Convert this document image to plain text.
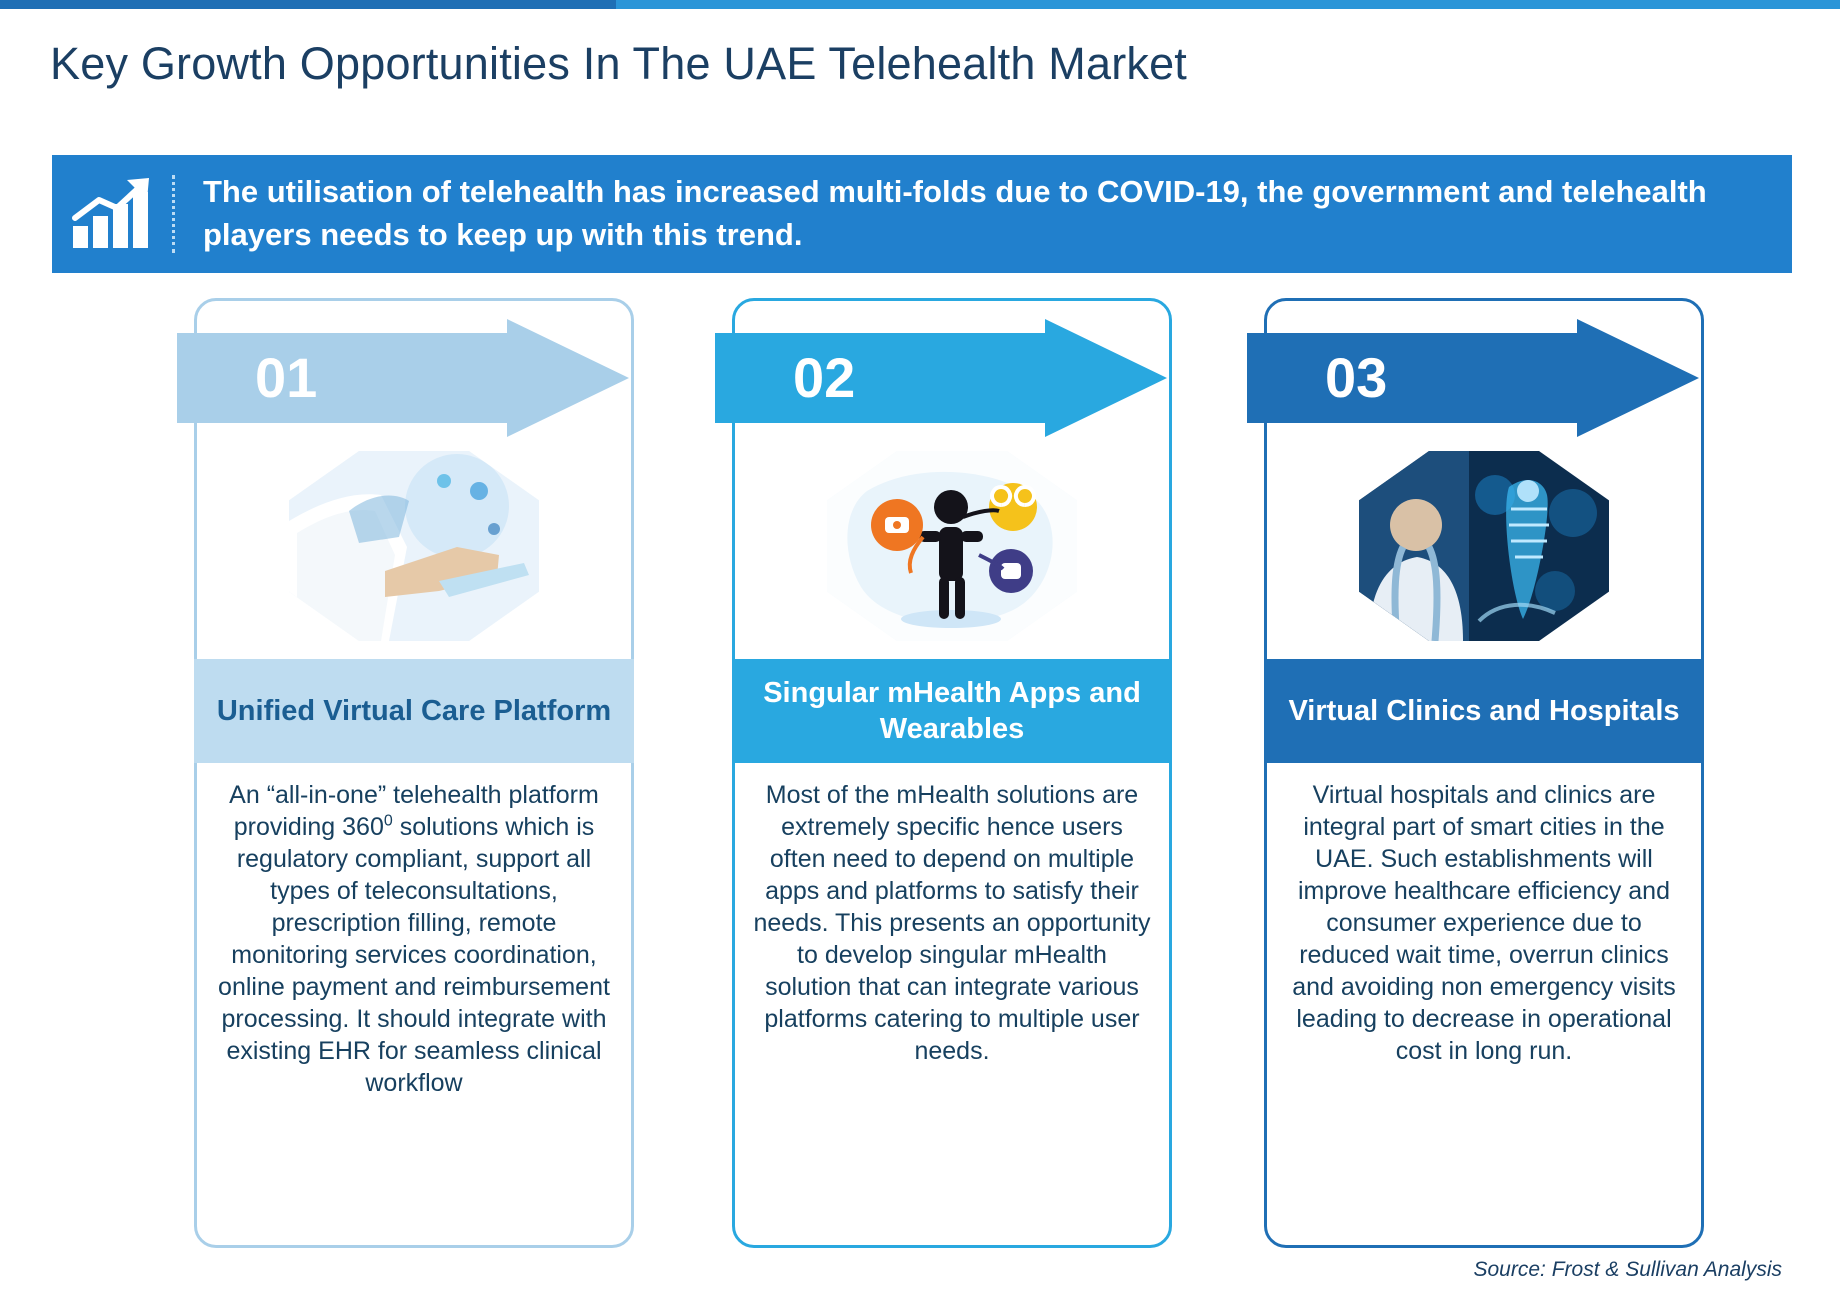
Key Growth Opportunities In The UAE Telehealth Market
The utilisation of telehealth has increased multi-folds due to COVID-19, the government and telehealth players needs to keep up with this trend.
01
Unified Virtual Care Platform

An “all-in-one” telehealth platform providing $360^0$ solutions which is regulatory compliant, support all types of teleconsultations, prescription filling, remote monitoring services coordination, online payment and reimbursement processing. It should integrate with existing EHR for seamless clinical workflow

02
Singular mHealth Apps and Wearables

Most of the mHealth solutions are extremely specific hence users often need to depend on multiple apps and platforms to satisfy their needs. This presents an opportunity to develop singular mHealth solution that can integrate various platforms catering to multiple user needs.

03
Virtual Clinics and Hospitals

Virtual hospitals and clinics are integral part of smart cities in the UAE. Such establishments will improve healthcare efficiency and consumer experience due to reduced wait time, overrun clinics and avoiding non emergency visits leading to decrease in operational cost in long run.

Source: Frost & Sullivan Analysis
